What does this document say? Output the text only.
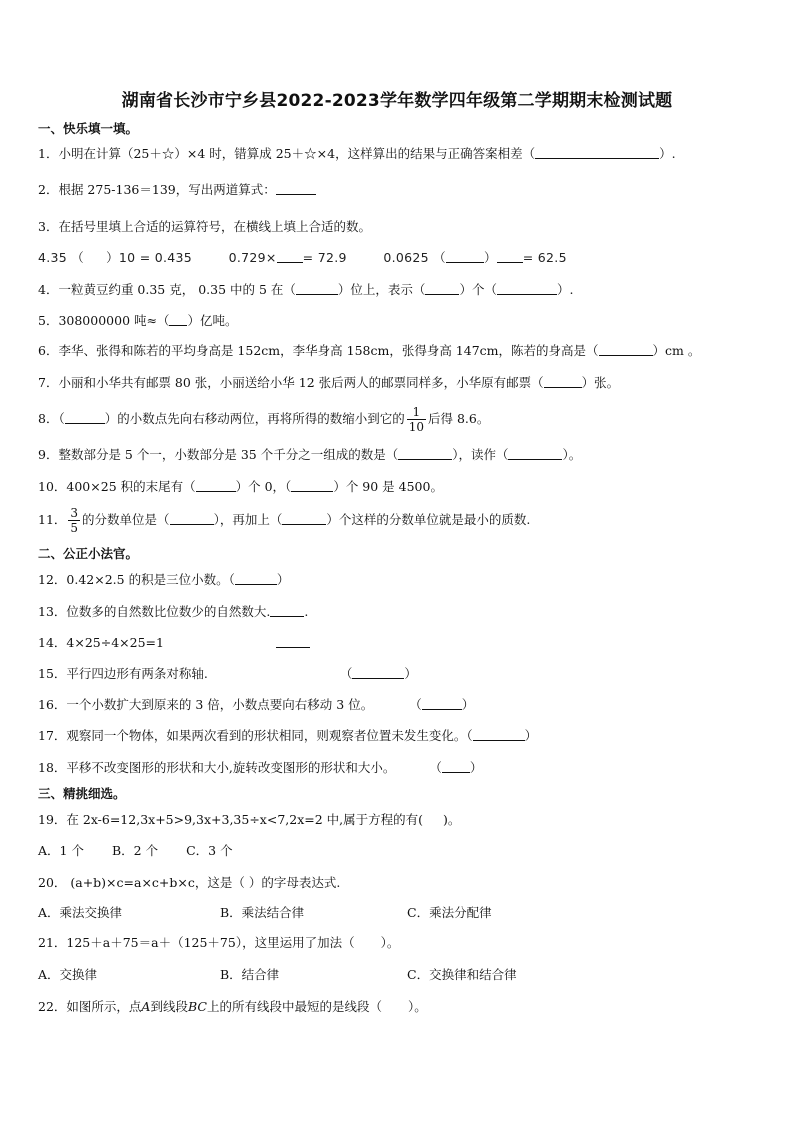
湖南省长沙市宁乡县2022-2023学年数学四年级第二学期期末检测试题
一、快乐填一填。
1．小明在计算（25＋☆）×4 时，错算成 25＋☆×4，这样算出的结果与正确答案相差（	）.
2．根据 275-136＝139，写出两道算式：
3．在括号里填上合适的运算符号，在横线上填上合适的数。
4.35 （ ）10 = 0.435	0.729× = 72.9	0.0625 （	） = 62.5
4．一粒黄豆约重 0.35 克， 0.35 中的 5 在（	）位上，表示（	）个（	）.
5．308000000 吨≈（ ）亿吨。
6．李华、张得和陈若的平均身高是 152cm，李华身高 158cm，张得身高 147cm，陈若的身高是（	）cm 。
7．小丽和小华共有邮票 80 张，小丽送给小华 12 张后两人的邮票同样多，小华原有邮票（	）张。
8．（	）的小数点先向右移动两位，再将所得的数缩小到它的 $\frac{1}{10}$ 后得 8.6。
9．整数部分是 5 个一，小数部分是 35 个千分之一组成的数是（	），读作（	）。
10．400×25 积的末尾有（	）个 0，（	）个 90 是 4500。
11． $\frac{3}{5}$ 的分数单位是（	），再加上（	）个这样的分数单位就是最小的质数.
二、公正小法官。
12．0.42×2.5 的积是三位小数。（	）
13．位数多的自然数比位数少的自然数大.	.
14．4×25÷4×25=1
15．平行四边形有两条对称轴.	（	）
16．一个小数扩大到原来的 3 倍，小数点要向右移动 3 位。	（	）
17．观察同一个物体，如果两次看到的形状相同，则观察者位置未发生变化。（	）
18．平移不改变图形的形状和大小,旋转改变图形的形状和大小。	（ ）
三、精挑细选。
19．在 2x-6=12,3x+5>9,3x+3,35÷x<7,2x=2 中,属于方程的有( )。
A．1 个 B．2 个 C．3 个
20． (a+b)×c=a×c+b×c，这是（ ）的字母表达式.
A．乘法交换律	B．乘法结合律	C．乘法分配律
21．125＋a＋75＝a＋（125＋75），这里运用了加法（ ）。
A．交换律	B．结合律	C．交换律和结合律
22．如图所示，点A到线段BC上的所有线段中最短的是线段（ ）。
